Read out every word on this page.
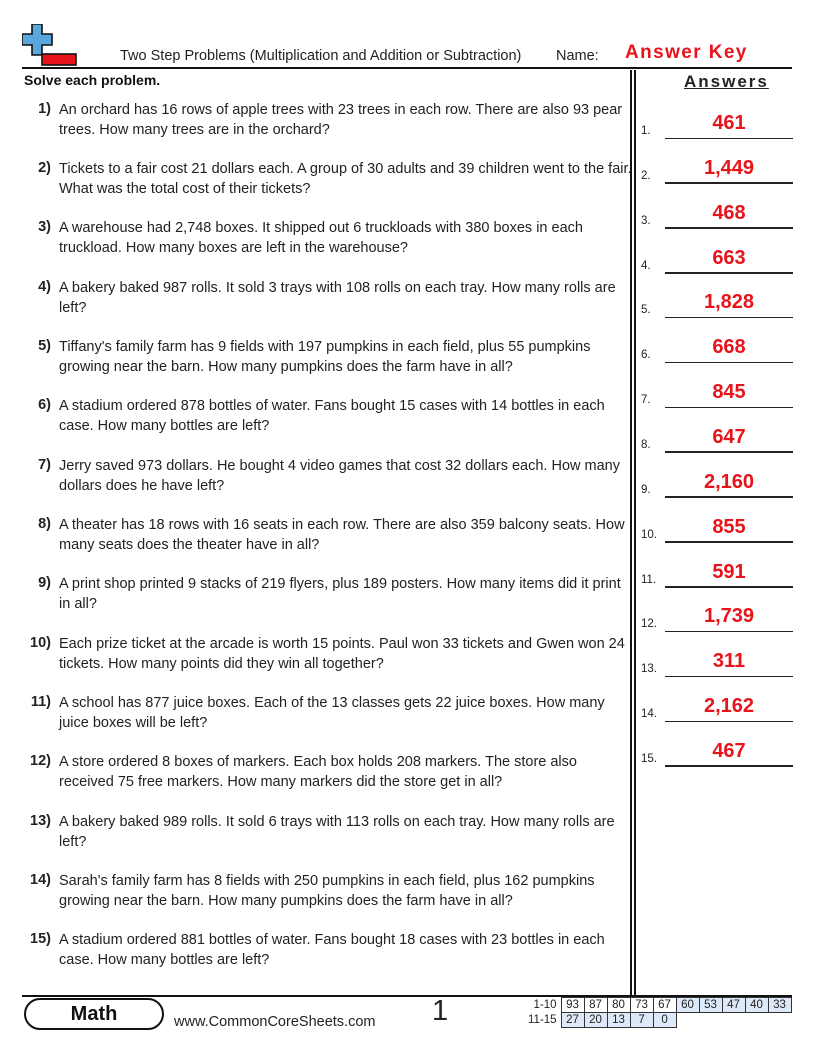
Two Step Problems (Multiplication and Addition or Subtraction) Name: Answer Key
Solve each problem.	Answers
1) An orchard has 16 rows of apple trees with 23 trees in each row. There are also 93 pear trees. How many trees are in the orchard?
2) Tickets to a fair cost 21 dollars each. A group of 30 adults and 39 children went to the fair. What was the total cost of their tickets?
3) A warehouse had 2,748 boxes. It shipped out 6 truckloads with 380 boxes in each truckload. How many boxes are left in the warehouse?
4) A bakery baked 987 rolls. It sold 3 trays with 108 rolls on each tray. How many rolls are left?
5) Tiffany's family farm has 9 fields with 197 pumpkins in each field, plus 55 pumpkins growing near the barn. How many pumpkins does the farm have in all?
6) A stadium ordered 878 bottles of water. Fans bought 15 cases with 14 bottles in each case. How many bottles are left?
7) Jerry saved 973 dollars. He bought 4 video games that cost 32 dollars each. How many dollars does he have left?
8) A theater has 18 rows with 16 seats in each row. There are also 359 balcony seats. How many seats does the theater have in all?
9) A print shop printed 9 stacks of 219 flyers, plus 189 posters. How many items did it print in all?
10) Each prize ticket at the arcade is worth 15 points. Paul won 33 tickets and Gwen won 24 tickets. How many points did they win all together?
11) A school has 877 juice boxes. Each of the 13 classes gets 22 juice boxes. How many juice boxes will be left?
12) A store ordered 8 boxes of markers. Each box holds 208 markers. The store also received 75 free markers. How many markers did the store get in all?
13) A bakery baked 989 rolls. It sold 6 trays with 113 rolls on each tray. How many rolls are left?
14) Sarah's family farm has 8 fields with 250 pumpkins in each field, plus 162 pumpkins growing near the barn. How many pumpkins does the farm have in all?
15) A stadium ordered 881 bottles of water. Fans bought 18 cases with 23 bottles in each case. How many bottles are left?
1.	461
2.	1,449
3.	468
4.	663
5.	1,828
6.	668
7.	845
8.	647
9.	2,160
10.	855
11.	591
12.	1,739
13.	311
14.	2,162
15.	467
Math	www.CommonCoreSheets.com 1	1-10	93	87	80	73	67	60	53	47	40	33
11-15	27	20	13	7	0					
